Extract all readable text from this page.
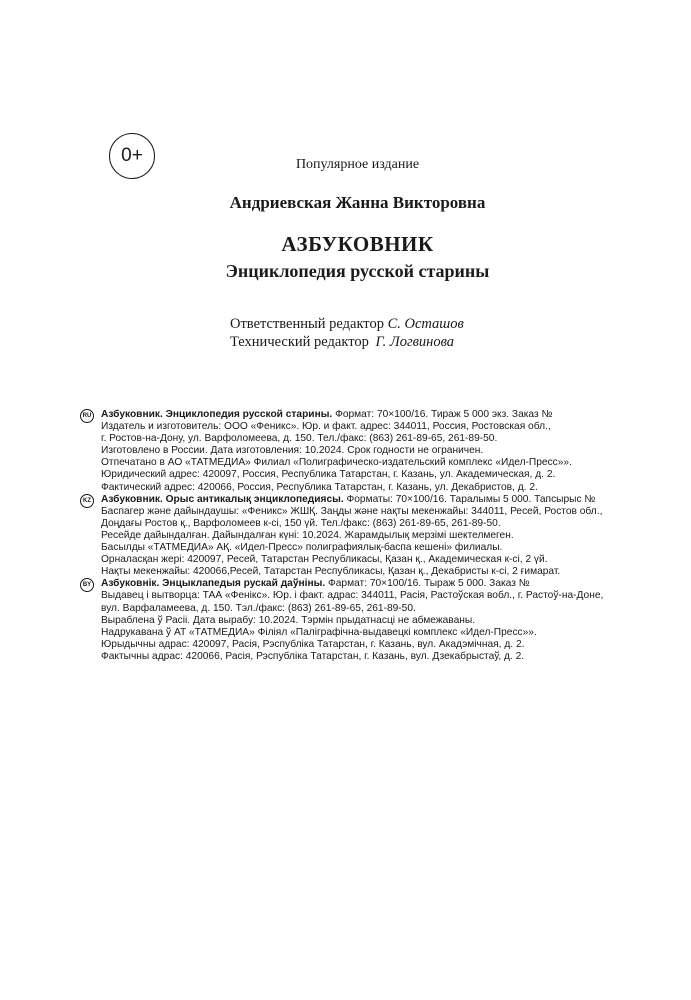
0+	Популярное издание
Андриевская Жанна Викторовна
АЗБУКОВНИК
Энциклопедия русской старины
Ответственный редактор С. Осташов
Технический редактор Г. Логвинова
RU Азбуковник. Энциклопедия русской старины. Формат: 70×100/16. Тираж 5 000 экз. Заказ №
Издатель и изготовитель: ООО «Феникс». Юр. и факт. адрес: 344011, Россия, Ростовская обл.,
г. Ростов-на-Дону, ул. Варфоломеева, д. 150. Тел./факс: (863) 261-89-65, 261-89-50.
Изготовлено в России. Дата изготовления: 10.2024. Срок годности не ограничен.
Отпечатано в АО «ТАТМЕДИА» Филиал «Полиграфическо-издательский комплекс «Идел-Пресс»».
Юридический адрес: 420097, Россия, Республика Татарстан, г. Казань, ул. Академическая, д. 2.
Фактический адрес: 420066, Россия, Республика Татарстан, г. Казань, ул. Декабристов, д. 2.
KZ Азбуковник. Орыс антикалық энциклопедиясы. Форматы: 70×100/16. Таралымы 5 000. Тапсырыс №
Баспагер және дайындаушы: «Феникс» ЖШҚ. Заңды және нақты мекенжайы: 344011, Ресей, Ростов обл.,
Доңдағы Ростов қ., Варфоломеев к-сі, 150 үй. Тел./факс: (863) 261-89-65, 261-89-50.
Ресейде дайындалған. Дайындалған күні: 10.2024. Жарамдылық мерзімі шектелмеген.
Басылды «ТАТМЕДИА» АҚ. «Идел-Пресс» полиграфиялық-баспа кешені» филиалы.
Орналасқан жері: 420097, Ресей, Татарстан Республикасы, Қазан қ., Академическая к-сі, 2 үй.
Нақты мекенжайы: 420066,Ресей, Татарстан Республикасы, Қазан қ., Декабристы к-сі, 2 ғимарат.
BY Азбуковнік. Энцыклапедыя рускай даўніны. Фармат: 70×100/16. Тыраж 5 000. Заказ №
Выдавец і вытворца: ТАА «Фенікс». Юр. і факт. адрас: 344011, Расія, Растоўская вобл., г. Растоў-на-Доне,
вул. Варфаламеева, д. 150. Тэл./факс: (863) 261-89-65, 261-89-50.
Выраблена ў Расіі. Дата вырабу: 10.2024. Тэрмін прыдатнасці не абмежаваны.
Надрукавана ў АТ «ТАТМЕДИА» Філіял «Паліграфічна-выдавецкі комплекс «Идел-Пресс»».
Юрыдычны адрас: 420097, Расія, Рэспубліка Татарстан, г. Казань, вул. Акадэмічная, д. 2.
Фактычны адрас: 420066, Расія, Рэспубліка Татарстан, г. Казань, вул. Дзекабрыстаў, д. 2.
